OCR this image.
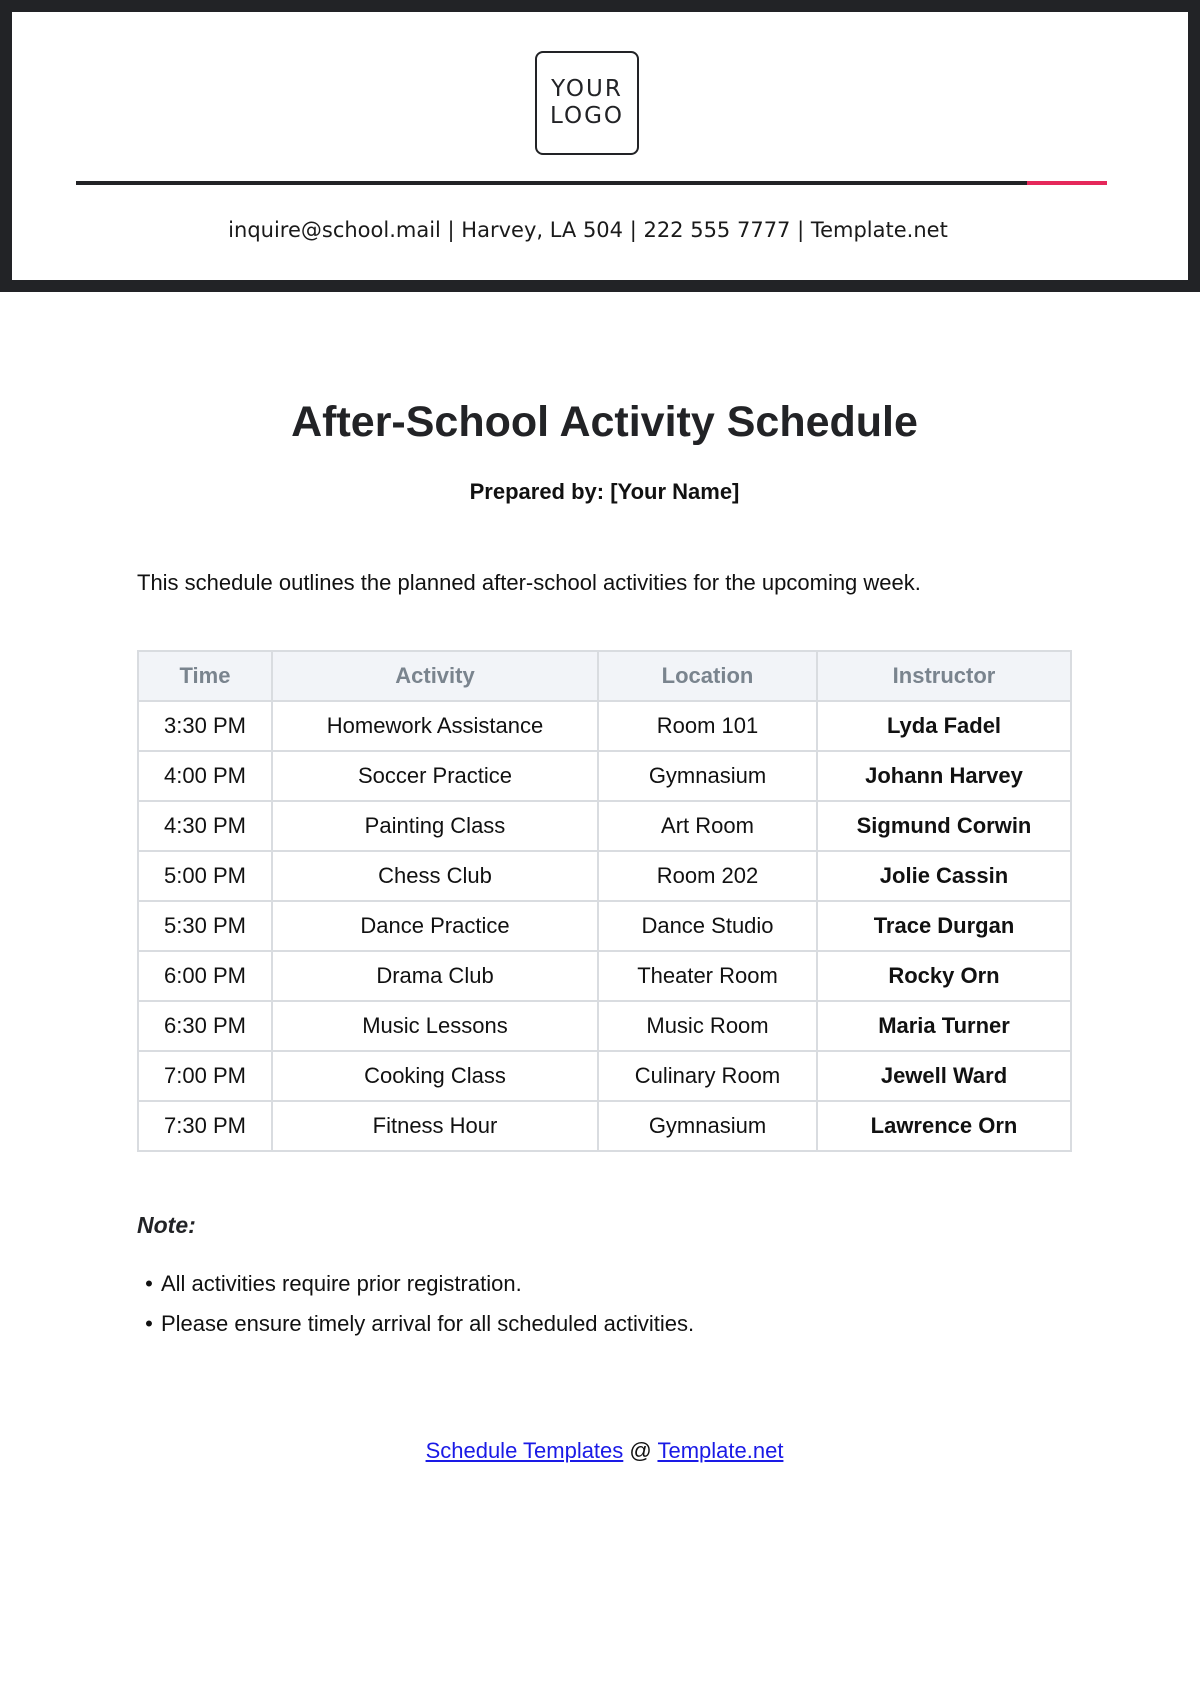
YOUR
LOGO
inquire@school.mail | Harvey, LA 504 | 222 555 7777 | Template.net
After-School Activity Schedule
Prepared by: [Your Name]
This schedule outlines the planned after-school activities for the upcoming week.
Time	Activity	Location	Instructor
3:30 PM	Homework Assistance	Room 101	Lyda Fadel
4:00 PM	Soccer Practice	Gymnasium	Johann Harvey
4:30 PM	Painting Class	Art Room	Sigmund Corwin
5:00 PM	Chess Club	Room 202	Jolie Cassin
5:30 PM	Dance Practice	Dance Studio	Trace Durgan
6:00 PM	Drama Club	Theater Room	Rocky Orn
6:30 PM	Music Lessons	Music Room	Maria Turner
7:00 PM	Cooking Class	Culinary Room	Jewell Ward
7:30 PM	Fitness Hour	Gymnasium	Lawrence Orn
Note:
• All activities require prior registration.
• Please ensure timely arrival for all scheduled activities.
Schedule Templates @ Template.net
